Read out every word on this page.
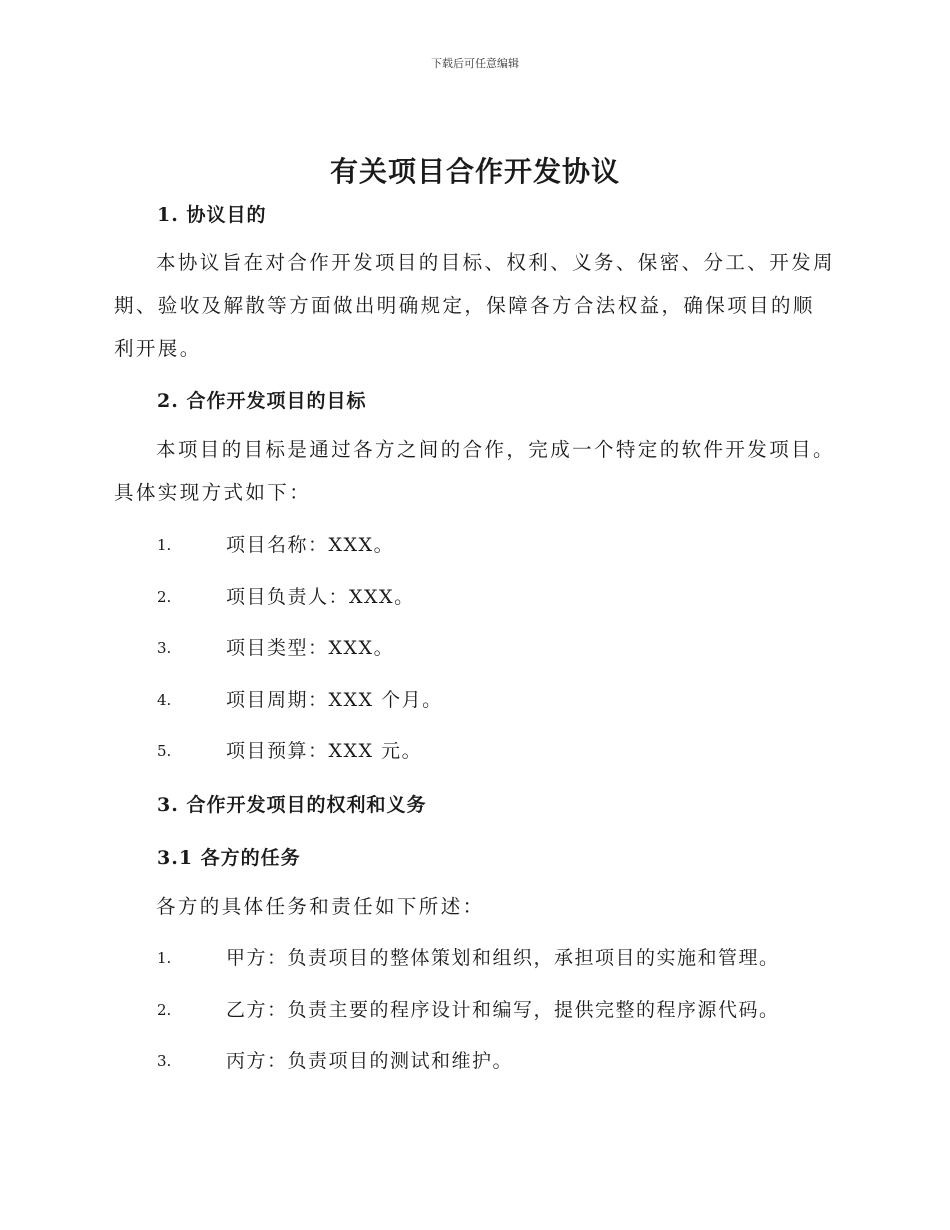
下载后可任意编辑
有关项目合作开发协议
1. 协议目的

本协议旨在对合作开发项目的目标、权利、义务、保密、分工、开发周期、验收及解散等方面做出明确规定，保障各方合法权益，确保项目的顺利开展。

2. 合作开发项目的目标

本项目的目标是通过各方之间的合作，完成一个特定的软件开发项目。具体实现方式如下：

1.	项目名称：XXX。
2.	项目负责人：XXX。
3.	项目类型：XXX。
4.	项目周期：XXX 个月。
5.	项目预算：XXX 元。
3. 合作开发项目的权利和义务
3.1 各方的任务

各方的具体任务和责任如下所述：

1.	甲方：负责项目的整体策划和组织，承担项目的实施和管理。
2.	乙方：负责主要的程序设计和编写，提供完整的程序源代码。
3.	丙方：负责项目的测试和维护。
